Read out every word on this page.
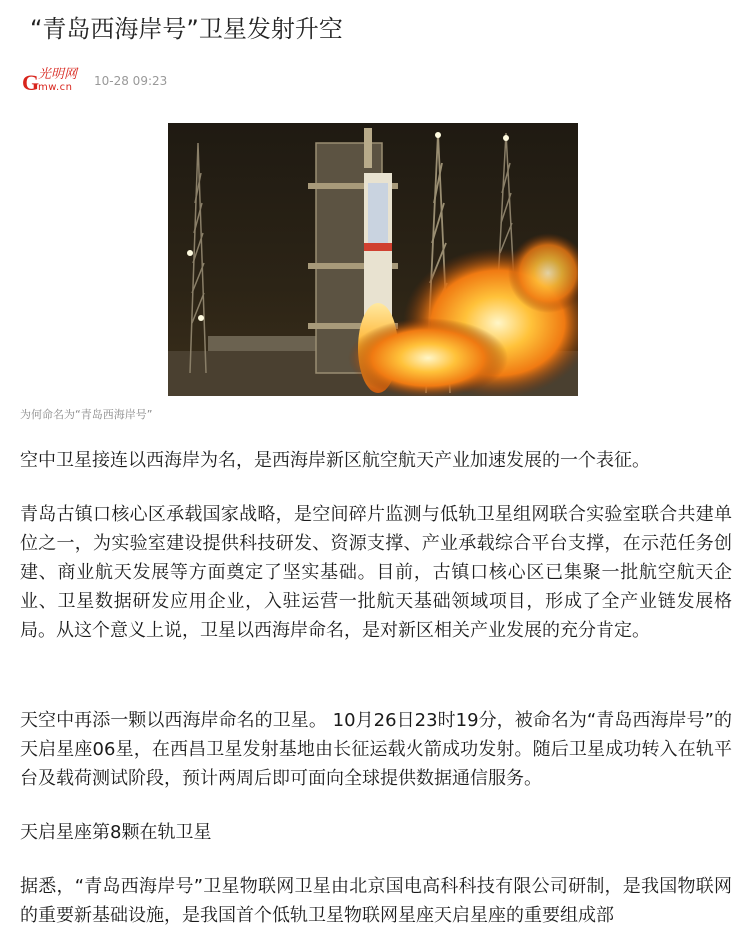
“青岛西海岸号”卫星发射升空
G
光明网
mw.cn 10-28 09:23
为何命名为“青岛西海岸号”

空中卫星接连以西海岸为名，是西海岸新区航空航天产业加速发展的一个表征。

青岛古镇口核心区承载国家战略，是空间碎片监测与低轨卫星组网联合实验室联合共建单位之一，为实验室建设提供科技研发、资源支撑、产业承载综合平台支撑，在示范任务创建、商业航天发展等方面奠定了坚实基础。目前，古镇口核心区已集聚一批航空航天企业、卫星数据研发应用企业，入驻运营一批航天基础领域项目，形成了全产业链发展格局。从这个意义上说，卫星以西海岸命名，是对新区相关产业发展的充分肯定。

天空中再添一颗以西海岸命名的卫星。 10月26日23时19分，被命名为“青岛西海岸号”的天启星座06星，在西昌卫星发射基地由长征运载火箭成功发射。随后卫星成功转入在轨平台及载荷测试阶段，预计两周后即可面向全球提供数据通信服务。

天启星座第8颗在轨卫星

据悉，“青岛西海岸号”卫星物联网卫星由北京国电高科科技有限公司研制，是我国物联网的重要新基础设施，是我国首个低轨卫星物联网星座天启星座的重要组成部
